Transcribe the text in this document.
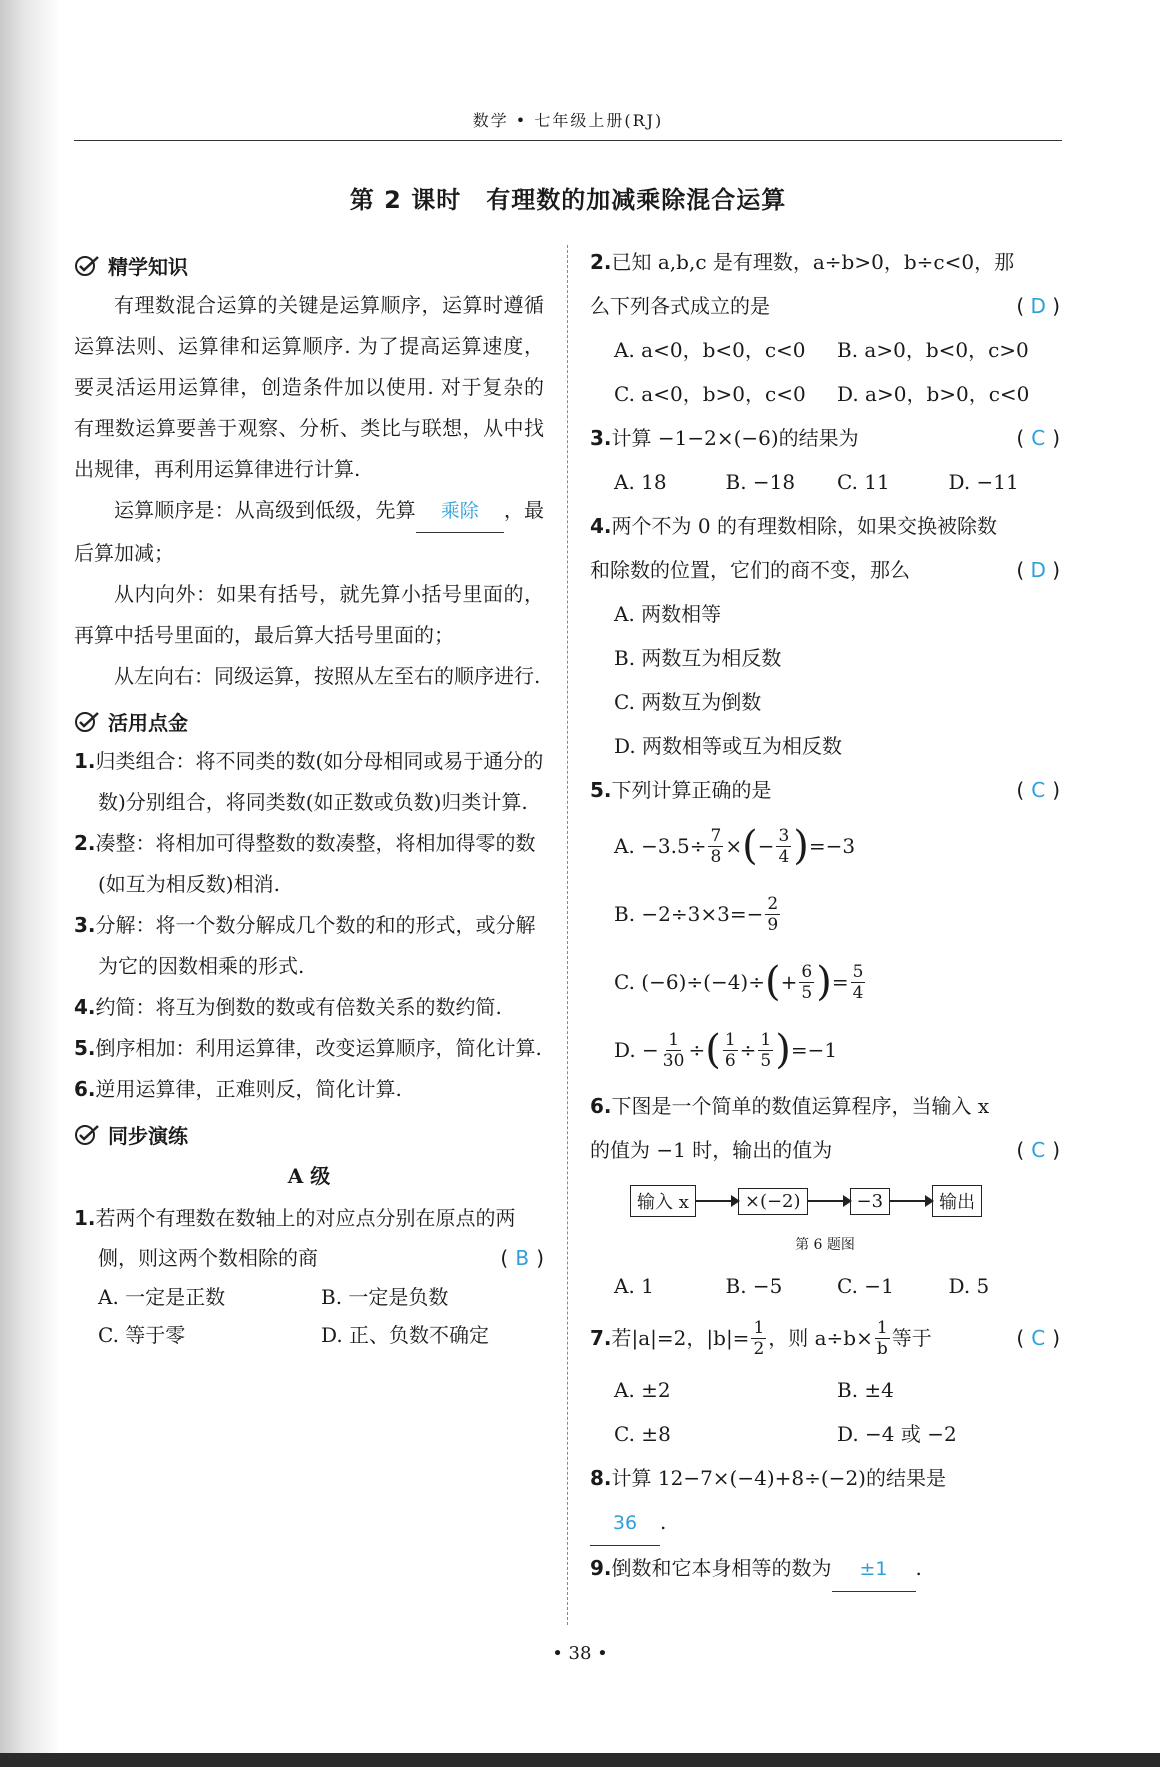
数学 • 七年级上册(RJ)
第 2 课时　有理数的加减乘除混合运算
精学知识

有理数混合运算的关键是运算顺序，运算时遵循运算法则、运算律和运算顺序. 为了提高运算速度，要灵活运用运算律，创造条件加以使用. 对于复杂的有理数运算要善于观察、分析、类比与联想，从中找出规律，再利用运算律进行计算.

运算顺序是：从高级到低级，先算 乘除 ，最后算加减；

从内向外：如果有括号，就先算小括号里面的，再算中括号里面的，最后算大括号里面的；

从左向右：同级运算，按照从左至右的顺序进行.

活用点金

1.归类组合：将不同类的数(如分母相同或易于通分的数)分别组合，将同类数(如正数或负数)归类计算.

2.凑整：将相加可得整数的数凑整，将相加得零的数(如互为相反数)相消.

3.分解：将一个数分解成几个数的和的形式，或分解为它的因数相乘的形式.

4.约简：将互为倒数的数或有倍数关系的数约简.

5.倒序相加：利用运算律，改变运算顺序，简化计算.

6.逆用运算律，正难则反，简化计算.

同步演练
A 级

1.若两个有理数在数轴上的对应点分别在原点的两侧，则这两个数相除的商	( B )

A. 一定是正数	B. 一定是负数
C. 等于零	D. 正、负数不确定

2.已知 a,b,c 是有理数，a÷b>0，b÷c<0，那

么下列各式成立的是	( D )

A. a<0，b<0，c<0	B. a>0，b<0，c>0
C. a<0，b>0，c<0	D. a>0，b>0，c<0

3.计算 −1−2×(−6)的结果为	( C )

A. 18	B. −18	C. 11	D. −11

4.两个不为 0 的有理数相除，如果交换被除数

和除数的位置，它们的商不变，那么	( D )

A. 两数相等
B. 两数互为相反数
C. 两数互为倒数
D. 两数相等或互为相反数

5.下列计算正确的是	( C )

A. $-3.5\div \frac{7}{8}$ × ( − $\frac{3}{4}$ ) =−3
B. $-2\div 3\times 3=- \frac{2}{9}$
C. (−6)÷(−4)÷ ( + $\frac{6}{5}$ ) = $\frac{5}{4}$
D. − $\frac{1}{30}$ ÷ ( $\frac{1}{6} \div \frac{1}{5}$ ) =−1

6.下图是一个简单的数值运算程序，当输入 x

的值为 −1 时，输出的值为	( C )

输入 x	×(−2)	−3	输出
第 6 题图
A. 1	B. −5	C. −1	D. 5
7. 若|a|=2，$|b|= \frac{1}{2}$ ，则 $a\div b\times \frac{1}{b}$ 等于	( C )
A. ±2	B. ±4
C. ±8	D. −4 或 −2

8.计算 12−7×(−4)+8÷(−2)的结果是

36 .

9.倒数和它本身相等的数为 ±1 .

• 38 •
